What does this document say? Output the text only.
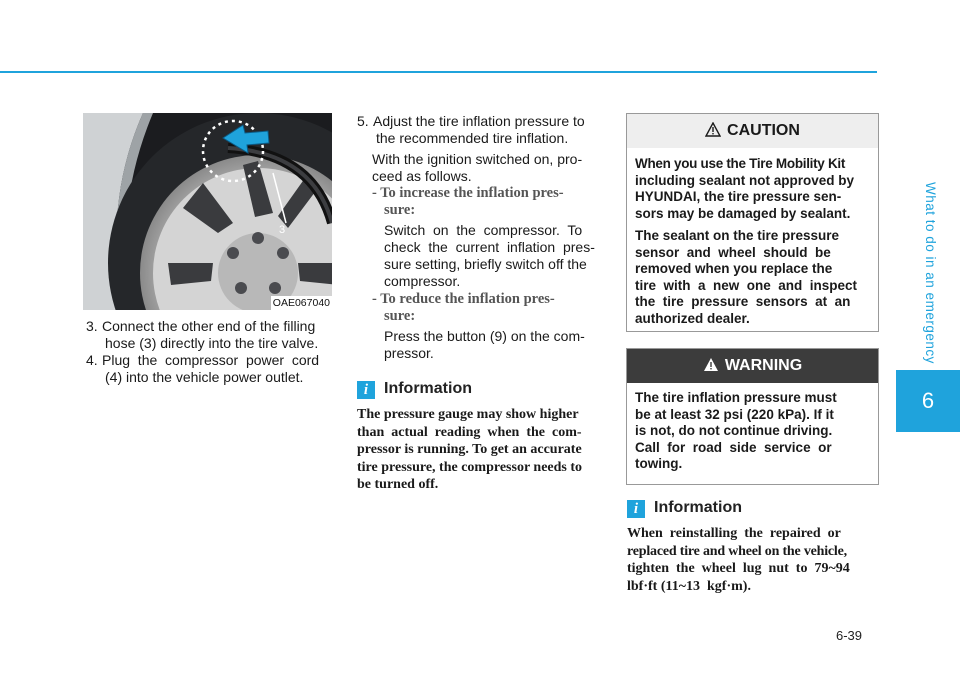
What to do in an emergency
6
6-39
3
OAE067040
3. Connect the other end of the filling
hose (3) directly into the tire valve.
4. Plug  the  compressor  power  cord
(4) into the vehicle power outlet.
5. Adjust the tire inflation pressure to
the recommended tire inflation.
With the ignition switched on, pro-
ceed as follows.
- To increase the inflation pres-
sure:
Switch  on  the  compressor.  To
check  the  current  inflation  pres-
sure setting, briefly switch off the
compressor.
- To reduce the inflation pres-
sure:
Press the button (9) on the com-
pressor.
i Information
The pressure gauge may show higher
than  actual  reading  when  the  com-
pressor is running. To get an accurate
tire pressure, the compressor needs to
be turned off.
CAUTION
When you use the Tire Mobility Kit
including sealant not approved by
HYUNDAI, the tire pressure sen-
sors may be damaged by sealant.
The sealant on the tire pressure
sensor  and  wheel  should  be
removed when you replace the
tire  with  a  new  one  and  inspect
the  tire  pressure  sensors  at  an
authorized dealer.
WARNING
The tire inflation pressure must
be at least 32 psi (220 kPa). If it
is not, do not continue driving.
Call  for  road  side  service  or
towing.
i Information
When  reinstalling  the  repaired  or
replaced tire and wheel on the vehicle,
tighten  the  wheel  lug  nut  to  79~94
lbf·ft (11~13  kgf·m).
